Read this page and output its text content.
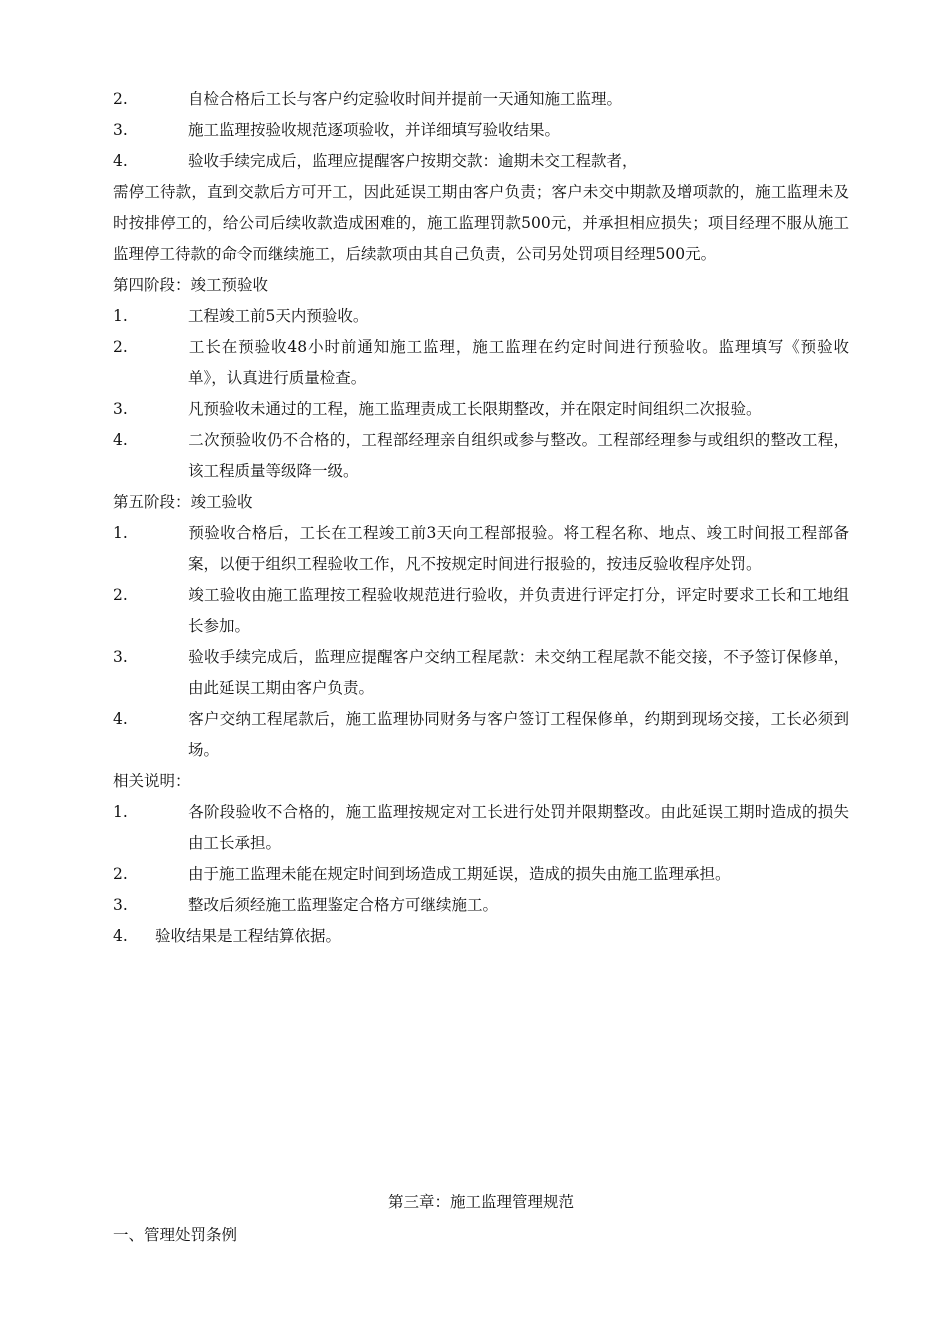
2.	自检合格后工长与客户约定验收时间并提前一天通知施工监理。
3.	施工监理按验收规范逐项验收，并详细填写验收结果。
4.	验收手续完成后，监理应提醒客户按期交款：逾期未交工程款者，
需停工待款，直到交款后方可开工，因此延误工期由客户负责；客户未交中期款及增项款的，施工监理未及时按排停工的，给公司后续收款造成困难的，施工监理罚款500元，并承担相应损失；项目经理不服从施工监理停工待款的命令而继续施工，后续款项由其自己负责，公司另处罚项目经理500元。
第四阶段：竣工预验收
1.	工程竣工前5天内预验收。
2.	工长在预验收48小时前通知施工监理，施工监理在约定时间进行预验收。监理填写《预验收单》，认真进行质量检查。
3.	凡预验收未通过的工程，施工监理责成工长限期整改，并在限定时间组织二次报验。
4.	二次预验收仍不合格的，工程部经理亲自组织或参与整改。工程部经理参与或组织的整改工程，该工程质量等级降一级。
第五阶段：竣工验收
1.	预验收合格后，工长在工程竣工前3天向工程部报验。将工程名称、地点、竣工时间报工程部备案，以便于组织工程验收工作，凡不按规定时间进行报验的，按违反验收程序处罚。
2.	竣工验收由施工监理按工程验收规范进行验收，并负责进行评定打分，评定时要求工长和工地组长参加。
3.	验收手续完成后，监理应提醒客户交纳工程尾款：未交纳工程尾款不能交接，不予签订保修单，由此延误工期由客户负责。
4.	客户交纳工程尾款后，施工监理协同财务与客户签订工程保修单，约期到现场交接，工长必须到场。
相关说明：
1.	各阶段验收不合格的，施工监理按规定对工长进行处罚并限期整改。由此延误工期时造成的损失由工长承担。
2.	由于施工监理未能在规定时间到场造成工期延误，造成的损失由施工监理承担。
3.	整改后须经施工监理鉴定合格方可继续施工。
4. 验收结果是工程结算依据。
第三章：施工监理管理规范
一、管理处罚条例
